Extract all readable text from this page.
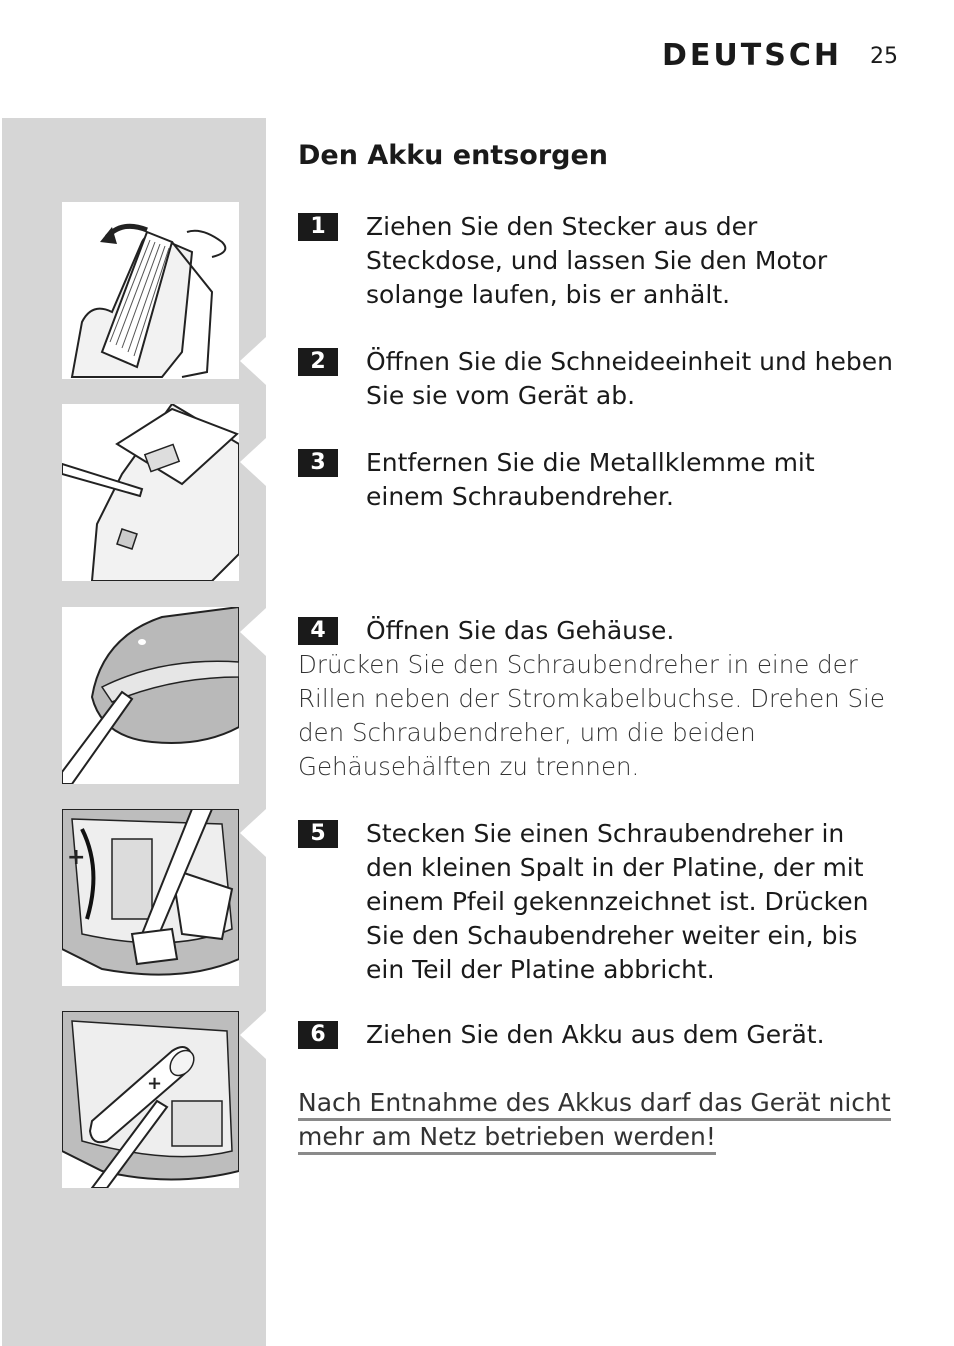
DEUTSCH 25
+
+
Den Akku entsorgen
1	Ziehen Sie den Stecker aus der Steckdose, und lassen Sie den Motor solange laufen, bis er anhält.
2	Öffnen Sie die Schneideeinheit und heben Sie sie vom Gerät ab.
3	Entfernen Sie die Metallklemme mit einem Schraubendreher.
4	Öffnen Sie das Gehäuse.
Drücken Sie den Schraubendreher in eine der Rillen neben der Stromkabelbuchse. Drehen Sie den Schraubendreher, um die beiden Gehäusehälften zu trennen.
5	Stecken Sie einen Schraubendreher in den kleinen Spalt in der Platine, der mit einem Pfeil gekennzeichnet ist. Drücken Sie den Schaubendreher weiter ein, bis ein Teil der Platine abbricht.
6	Ziehen Sie den Akku aus dem Gerät.
Nach Entnahme des Akkus darf das Gerät nicht mehr am Netz betrieben werden!
